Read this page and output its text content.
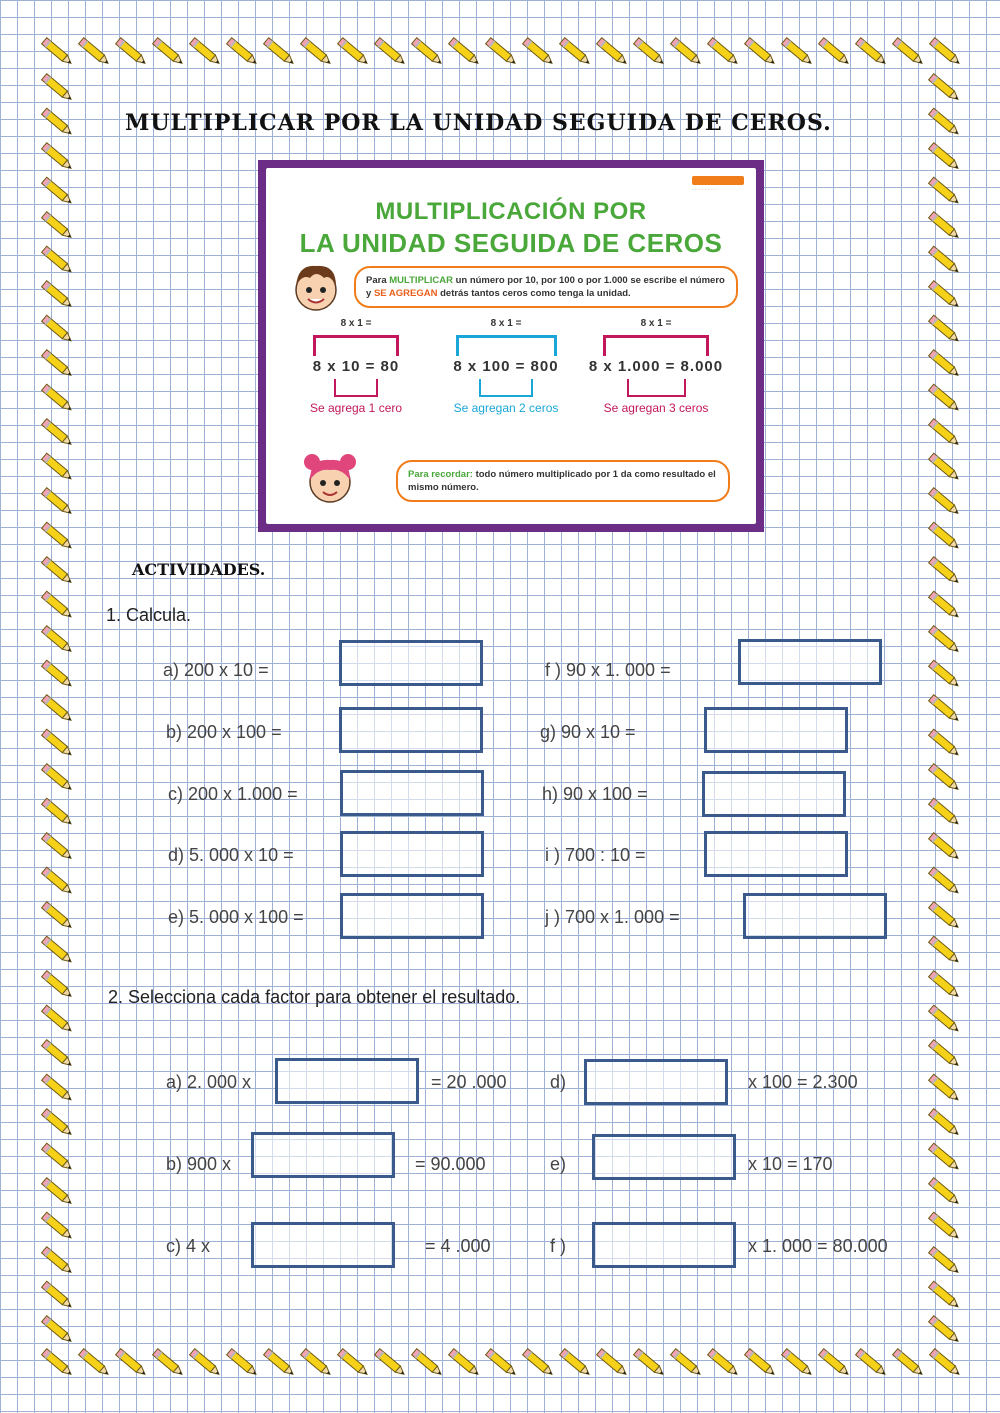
MULTIPLICAR POR LA UNIDAD SEGUIDA DE CEROS.
· · · · · · · ·
MULTIPLICACIÓN POR
LA UNIDAD SEGUIDA DE CEROS
Para MULTIPLICAR un número por 10, por 100 o por 1.000 se escribe el número y SE AGREGAN detrás tantos ceros como tenga la unidad.
8 x 1 =
8 x 10 = 80
Se agrega 1 cero
8 x 1 =
8 x 100 = 800
Se agregan 2 ceros
8 x 1 =
8 x 1.000 = 8.000
Se agregan 3 ceros
Para recordar: todo número multiplicado por 1 da como resultado el mismo número.
ACTIVIDADES.
1. Calcula.
a) 200 x 10 =
b) 200 x 100 =
c) 200 x 1.000 =
d) 5. 000 x 10 =
e) 5. 000 x 100 =
f ) 90 x 1. 000 =
g) 90 x 10 =
h) 90 x 100 =
i ) 700 : 10 =
j ) 700 x 1. 000 =
2. Selecciona cada factor para obtener el resultado.
a) 2. 000 x	= 20 .000
b) 900 x	= 90.000
c) 4 x	= 4 .000
d)	x 100 = 2.300
e)	x 10 = 170
f )	x 1. 000 = 80.000
